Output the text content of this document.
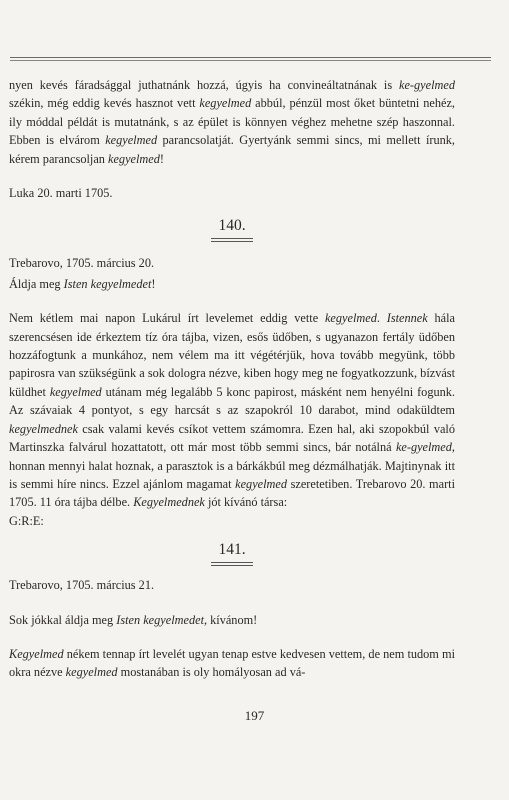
nyen kevés fáradsággal juthatnánk hozzá, úgyis ha convineáltatnának is ke-gyelmed székin, még eddig kevés hasznot vett kegyelmed abbúl, pénzül most őket büntetni nehéz, ily móddal példát is mutatnánk, s az épület is könnyen véghez mehetne szép haszonnal. Ebben is elvárom kegyelmed parancsolatját. Gyertyánk semmi sincs, mi mellett írunk, kérem parancsoljan kegyelmed!

Luka 20. marti 1705.

140.

Trebarovo, 1705. március 20.

Áldja meg Isten kegyelmedet!

Nem kétlem mai napon Lukárul írt levelemet eddig vette kegyelmed. Istennek hála szerencsésen ide érkeztem tíz óra tájba, vizen, esős üdőben, s ugyanazon fertály üdőben hozzáfogtunk a munkához, nem vélem ma itt végétérjük, hova tovább megyünk, több papirosra van szükségünk a sok dologra nézve, kiben hogy meg ne fogyatkozzunk, bízvást küldhet kegyelmed utánam még legalább 5 konc papirost, másként nem henyélni fogunk. Az szávaiak 4 pontyot, s egy harcsát s az szapokról 10 darabot, mind odaküldtem kegyelmednek csak valami kevés csíkot vettem számomra. Ezen hal, aki szopokbúl való Martinszka falvárul hozattatott, ott már most több semmi sincs, bár notálná ke-gyelmed, honnan mennyi halat hoznak, a parasztok is a bárkákbúl meg dézmálhatják. Majtinynak itt is semmi híre nincs. Ezzel ajánlom magamat kegyelmed szeretetiben. Trebarovo 20. marti 1705. 11 óra tájba délbe. Kegyelmednek jót kívánó társa:

G:R:E:

141.

Trebarovo, 1705. március 21.

Sok jókkal áldja meg Isten kegyelmedet, kívánom!

Kegyelmed nékem tennap írt levelét ugyan tenap estve kedvesen vettem, de nem tudom mi okra nézve kegyelmed mostanában is oly homályosan ad vá-

197
